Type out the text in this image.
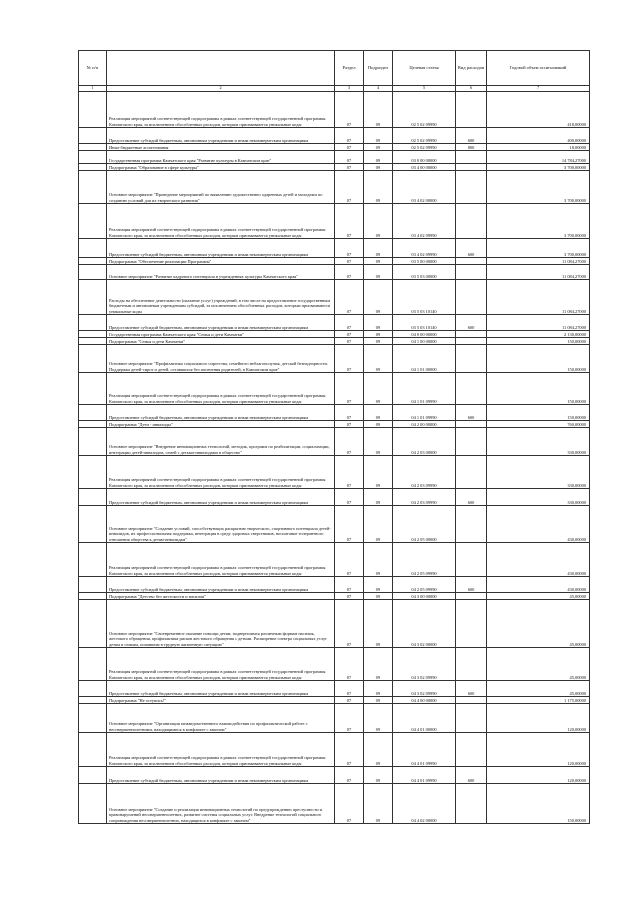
№ п/п		Раздел	Подраздел	Целевая статья	Вид расходов	Годовой объем ассигнований
1	2	3	4	5	6	7
	Реализация мероприятий соответствующей подпрограммы в рамках соответствующей государственной программы Камчатского края, за исключением обособленных расходов, которым присваиваются уникальные коды	07	09	02 5 02 09990		418,00000
	Предоставление субсидий бюджетным, автономным учреждениям и иным некоммерческим организациям	07	09	02 5 02 09990	600	400,00000
	Иные бюджетные ассигнования	07	09	02 5 02 09990	800	18,00000
	Государственная программа Камчатского края "Развитие культуры в Камчатском крае"	07	09	03 0 00 00000		14 784,27000
	Подпрограмма "Образование в сфере культуры"	07	09	03 4 00 00000		3 700,00000
	Основное мероприятие "Проведение мероприятий по выявлению художественно одаренных детей и молодежи по созданию условий для их творческого развития"	07	09	03 4 02 00000		3 700,00000
	Реализация мероприятий соответствующей подпрограммы в рамках соответствующей государственной программы Камчатского края, за исключением обособленных расходов, которым присваиваются уникальные коды	07	09	03 4 02 09990		3 700,00000
	Предоставление субсидий бюджетным, автономным учреждениям и иным некоммерческим организациям	07	09	03 4 02 09990	600	3 700,00000
	Подпрограмма "Обеспечение реализации Программы"	07	09	03 5 00 00000		11 084,27000
	Основное мероприятие "Развитие кадрового потенциала в учреждениях культуры Камчатского края"	07	09	03 5 03 00000		11 084,27000
	Расходы на обеспечение деятельности (оказание услуг) учреждений, в том числе на предоставление государственным бюджетным и автономным учреждениям субсидий, за исключением обособленных расходов, которым присваиваются уникальные коды	07	09	03 5 03 10140		11 084,27000
	Предоставление субсидий бюджетным, автономным учреждениям и иным некоммерческим организациям	07	09	03 5 03 10140	600	11 084,27000
	Государственная программа Камчатского края "Семья и дети Камчатки"	07	09	04 0 00 00000		2 130,00000
	Подпрограмма "Семья и дети Камчатки"	07	09	04 1 00 00000		150,00000
	Основное мероприятие "Профилактика социального сиротства, семейного неблагополучия, детской безнадзорности. Поддержка детей-сирот и детей, оставшихся без попечения родителей, в Камчатском крае"	07	09	04 1 01 00000		150,00000
	Реализация мероприятий соответствующей подпрограммы в рамках соответствующей государственной программы Камчатского края, за исключением обособленных расходов, которым присваиваются уникальные коды	07	09	04 1 01 09990		150,00000
	Предоставление субсидий бюджетным, автономным учреждениям и иным некоммерческим организациям	07	09	04 1 01 09990	600	150,00000
	Подпрограмма "Дети - инвалиды"	07	09	04 2 00 00000		760,00000
	Основное мероприятие "Внедрение инновационных технологий, методик, программ по реабилитации, социализации, интеграции детей-инвалидов, семей с детьми-инвалидами в общество"	07	09	04 2 03 00000		330,00000
	Реализация мероприятий соответствующей подпрограммы в рамках соответствующей государственной программы Камчатского края, за исключением обособленных расходов, которым присваиваются уникальные коды	07	09	04 2 03 09990		330,00000
	Предоставление субсидий бюджетным, автономным учреждениям и иным некоммерческим организациям	07	09	04 2 03 09990	600	330,00000
	Основное мероприятие "Создание условий, способствующих раскрытию творческого, спортивного потенциала детей-инвалидов, их профессиональная поддержка, интеграция в среду здоровых сверстников, воспитание толерантного отношения общества к детям-инвалидам"	07	09	04 2 05 00000		430,00000
	Реализация мероприятий соответствующей подпрограммы в рамках соответствующей государственной программы Камчатского края, за исключением обособленных расходов, которым присваиваются уникальные коды	07	09	04 2 05 09990		430,00000
	Предоставление субсидий бюджетным, автономным учреждениям и иным некоммерческим организациям	07	09	04 2 05 09990	600	430,00000
	Подпрограмма "Детство без жестокости и насилия"	07	09	04 3 00 00000		45,00000
	Основное мероприятие "Своевременное оказание помощи детям, подвергшимся различным формам насилия, жестокого обращения, профилактика рисков жестокого обращения с детьми. Расширение спектра социальных услуг детям и семьям, попавшим в трудную жизненную ситуацию"	07	09	04 3 02 00000		45,00000
	Реализация мероприятий соответствующей подпрограммы в рамках соответствующей государственной программы Камчатского края, за исключением обособленных расходов, которым присваиваются уникальные коды	07	09	04 3 02 09990		45,00000
	Предоставление субсидий бюджетным, автономным учреждениям и иным некоммерческим организациям	07	09	04 3 02 09990	600	45,00000
	Подпрограмма "Не оступись!"	07	09	04 4 00 00000		1 175,00000
	Основное мероприятие "Организация межведомственного взаимодействия по профилактической работе с несовершеннолетними, находящимися в конфликте с законом"	07	09	04 4 01 00000		120,00000
	Реализация мероприятий соответствующей подпрограммы в рамках соответствующей государственной программы Камчатского края, за исключением обособленных расходов, которым присваиваются уникальные коды	07	09	04 4 01 09990		120,00000
	Предоставление субсидий бюджетным, автономным учреждениям и иным некоммерческим организациям	07	09	04 4 01 09990	600	120,00000
	Основное мероприятие "Создание и реализация инновационных технологий по предупреждению преступности и правонарушений несовершеннолетних, развитие системы социальных услуг. Внедрение технологий социального сопровождения несовершеннолетних, находящихся в конфликте с законом"	07	09	04 4 02 00000		150,00000
